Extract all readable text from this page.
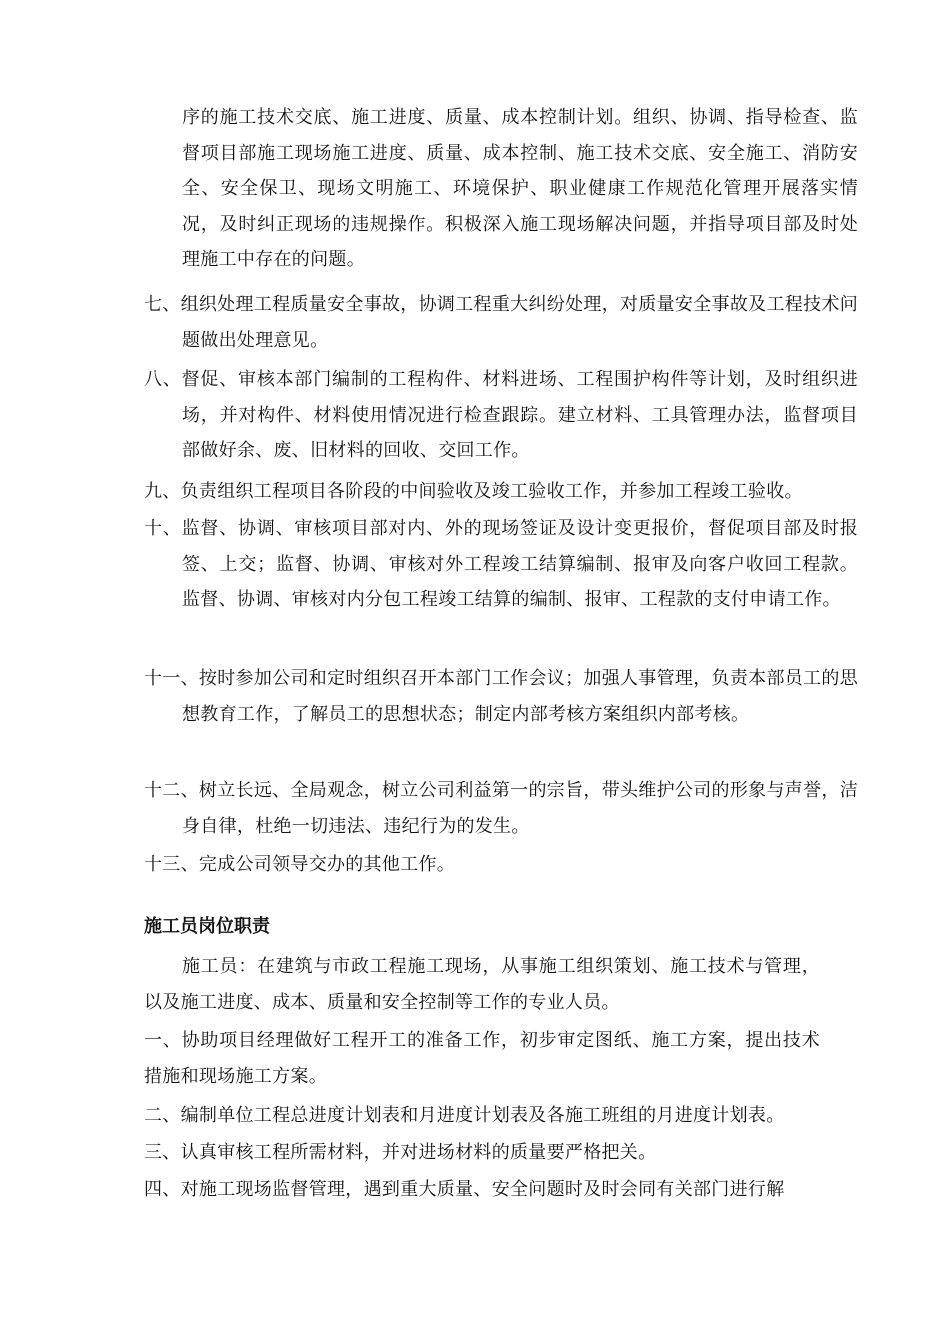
序的施工技术交底、施工进度、质量、成本控制计划。组织、协调、指导检查、监督项目部施工现场施工进度、质量、成本控制、施工技术交底、安全施工、消防安全、安全保卫、现场文明施工、环境保护、职业健康工作规范化管理开展落实情况，及时纠正现场的违规操作。积极深入施工现场解决问题，并指导项目部及时处理施工中存在的问题。
七、组织处理工程质量安全事故，协调工程重大纠纷处理，对质量安全事故及工程技术问题做出处理意见。
八、督促、审核本部门编制的工程构件、材料进场、工程围护构件等计划，及时组织进场，并对构件、材料使用情况进行检查跟踪。建立材料、工具管理办法，监督项目部做好余、废、旧材料的回收、交回工作。
九、负责组织工程项目各阶段的中间验收及竣工验收工作，并参加工程竣工验收。
十、监督、协调、审核项目部对内、外的现场签证及设计变更报价，督促项目部及时报签、上交；监督、协调、审核对外工程竣工结算编制、报审及向客户收回工程款。监督、协调、审核对内分包工程竣工结算的编制、报审、工程款的支付申请工作。
十一、按时参加公司和定时组织召开本部门工作会议；加强人事管理，负责本部员工的思想教育工作，了解员工的思想状态；制定内部考核方案组织内部考核。
十二、树立长远、全局观念，树立公司利益第一的宗旨，带头维护公司的形象与声誉，洁身自律，杜绝一切违法、违纪行为的发生。
十三、完成公司领导交办的其他工作。
施工员岗位职责
施工员：在建筑与市政工程施工现场，从事施工组织策划、施工技术与管理，以及施工进度、成本、质量和安全控制等工作的专业人员。
一、协助项目经理做好工程开工的准备工作，初步审定图纸、施工方案，提出技术措施和现场施工方案。
二、编制单位工程总进度计划表和月进度计划表及各施工班组的月进度计划表。
三、认真审核工程所需材料，并对进场材料的质量要严格把关。
四、对施工现场监督管理，遇到重大质量、安全问题时及时会同有关部门进行解
